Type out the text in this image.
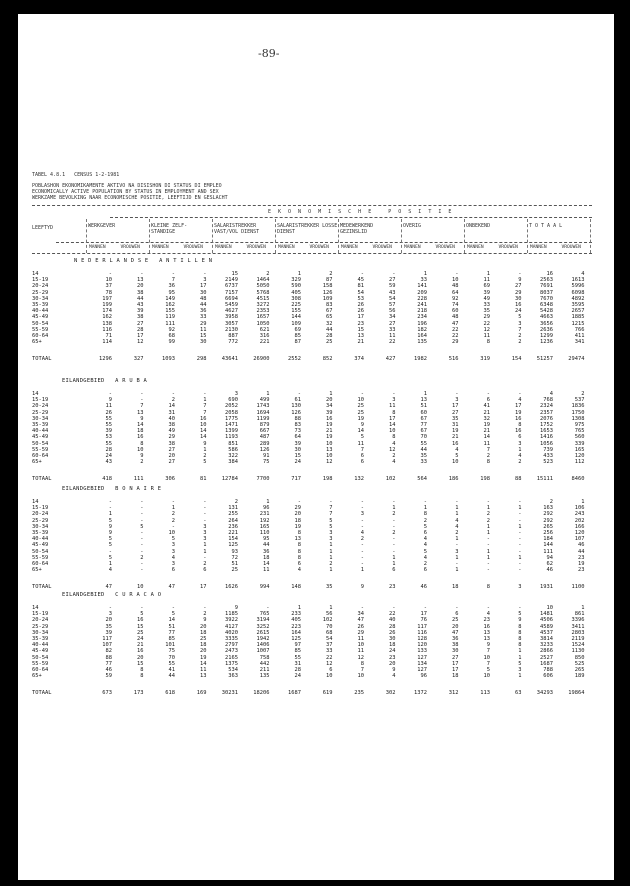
-89-
TABEL 4.8.1 CENSUS 1-2-1981
POBLASHON EKONOMIKAMENTE AKTIVO NA DISISHON DI STATUS DI EMPLEO
ECONOMICALLY ACTIVE POPULATION BY STATUS IN EMPLOYMENT AND SEX
WERKZAME BEVOLKING NAAR ECONOMISCHE POSITIE, LEEFTIJD EN GESLACHT
E K O N O M I S C H E   P O S I T I E
LEEFTYD	WERKGEVER	KLEINE ZELF- STANDIGE
SALARISTREKKER VAST/VOL DIENST
SALARISTREKKER LOSSE DIENST
MEDEWERKEND GEZINSLID
OVERIG	ONBEKEND	T O T A A L
MANNEN	VROUWEN	MANNEN	VROUWEN	MANNEN	VROUWEN	MANNEN	VROUWEN	MANNEN	VROUWEN	MANNEN	VROUWEN	MANNEN	VROUWEN	MANNEN	VROUWEN
N E D E R L A N D S E   A N T I L L E N
14	-	-	-	-	15	2	1	2	-	-	1	-	1	-	16	4
15-19	10	13	7	3	2149	1464	329	87	45	27	33	10	11	9	2563	1613
20-24	37	20	36	17	6737	5050	590	158	81	59	141	48	69	27	7691	5996
25-29	78	38	95	30	7157	5768	405	126	54	43	209	64	39	29	8037	6098
30-34	197	44	149	48	6694	4515	308	109	53	54	228	92	49	30	7670	4892
35-39	199	43	162	44	5459	3272	225	83	26	57	241	74	33	16	6348	3595
40-44	174	39	155	36	4627	2353	155	67	26	56	218	60	35	24	5428	2657
45-49	162	38	119	33	3958	1657	144	65	17	34	234	48	29	5	4663	1885
50-54	138	27	111	29	3057	1050	109	32	23	27	196	47	22	3	3656	1215
55-59	116	28	92	11	2130	621	69	44	15	33	182	22	12	7	2636	766
60-64	71	17	68	15	887	316	85	28	13	11	164	22	11	2	1299	411
65+	114	12	99	30	772	221	87	25	21	22	135	29	8	2	1236	341
TOTAAL	1296	327	1093	298	43641	26900	2552	852	374	427	1982	516	319	154	51257	29474
EILANDGEBIED   A R U B A
14	-	-	-	-	3	1	-	1	-	-	1	-	-	-	4	2
15-19	9	-	2	1	690	499	61	20	10	3	13	3	6	4	768	537
20-24	11	7	14	7	2052	1743	130	34	25	11	51	17	41	17	2324	1836
25-29	26	13	31	7	2058	1694	126	39	25	8	60	27	21	19	2357	1750
30-34	55	9	40	16	1775	1199	88	16	19	17	67	35	32	16	2076	1308
35-39	55	14	38	10	1471	879	83	19	9	14	77	31	19	8	1752	975
40-44	39	18	49	14	1399	667	73	21	14	10	67	19	21	16	1653	765
45-49	53	16	29	14	1193	487	64	19	5	8	70	21	14	6	1416	560
50-54	55	8	38	9	851	289	39	10	11	4	55	16	11	3	1056	339
55-59	28	10	27	1	586	126	30	13	7	12	44	4	7	1	739	165
60-64	24	9	20	2	322	91	15	10	6	2	35	5	2	4	433	120
65+	43	2	27	5	384	75	24	12	6	4	33	10	8	2	523	112
TOTAAL	418	111	306	81	12784	7700	717	198	132	102	564	186	198	88	15111	8460
EILANDGEBIED   B O N A I R E
14	-	-	-	-	2	1	-	-	-	-	-	-	-	-	2	1
15-19	-	-	1	-	131	96	29	7	-	1	1	1	1	1	163	106
20-24	1	-	2	-	255	231	20	7	3	2	8	1	2	-	292	243
25-29	5	-	2	-	264	192	18	5	-	-	2	4	2	-	292	202
30-34	9	5	-	3	236	165	19	5	-	-	5	4	1	1	265	166
35-39	9	-	10	3	221	110	8	3	4	2	6	2	1	-	256	120
40-44	5	-	5	3	154	95	13	3	2	-	4	1	-	-	184	107
45-49	5	-	3	1	125	44	8	1	-	-	4	-	-	-	144	46
50-54	-	-	3	1	93	36	8	1	-	-	5	3	1	-	111	44
55-59	5	2	4	-	72	18	8	1	-	1	4	1	1	1	94	23
60-64	1	-	3	2	51	14	6	2	-	1	2	-	-	-	62	19
65+	4	-	6	6	25	11	4	1	1	6	6	1	-	-	46	23
TOTAAL	47	10	47	17	1626	994	148	35	9	23	46	18	8	3	1931	1100
EILANDGEBIED   C U R A C A O
14	-	-	-	-	9	-	1	1	-	-	-	-	-	-	10	1
15-19	3	5	5	2	1185	765	233	56	34	22	17	6	4	5	1481	861
20-24	20	16	14	9	3922	3194	405	102	47	40	76	25	23	9	4506	3396
25-29	35	15	51	20	4127	3252	223	70	26	28	117	20	16	8	4589	3411
30-34	39	25	77	18	4020	2615	164	68	29	26	116	47	13	8	4537	2803
35-39	117	24	85	25	3335	1942	125	54	11	30	128	36	13	8	3814	2119
40-44	107	21	101	18	2797	1406	97	37	10	18	120	38	9	8	3233	1524
45-49	82	16	75	20	2473	1007	85	33	11	24	133	30	7	1	2866	1130
50-54	88	20	70	19	2165	758	55	22	12	23	127	27	10	1	2527	850
55-59	77	15	55	14	1375	442	31	12	8	20	134	17	7	5	1687	525
60-64	46	8	41	11	534	211	28	6	7	9	127	17	5	3	788	265
65+	59	8	44	13	363	135	24	10	10	4	96	18	10	1	606	189
TOTAAL	673	173	618	169	30231	18206	1687	619	235	302	1372	312	113	63	34293	19864
